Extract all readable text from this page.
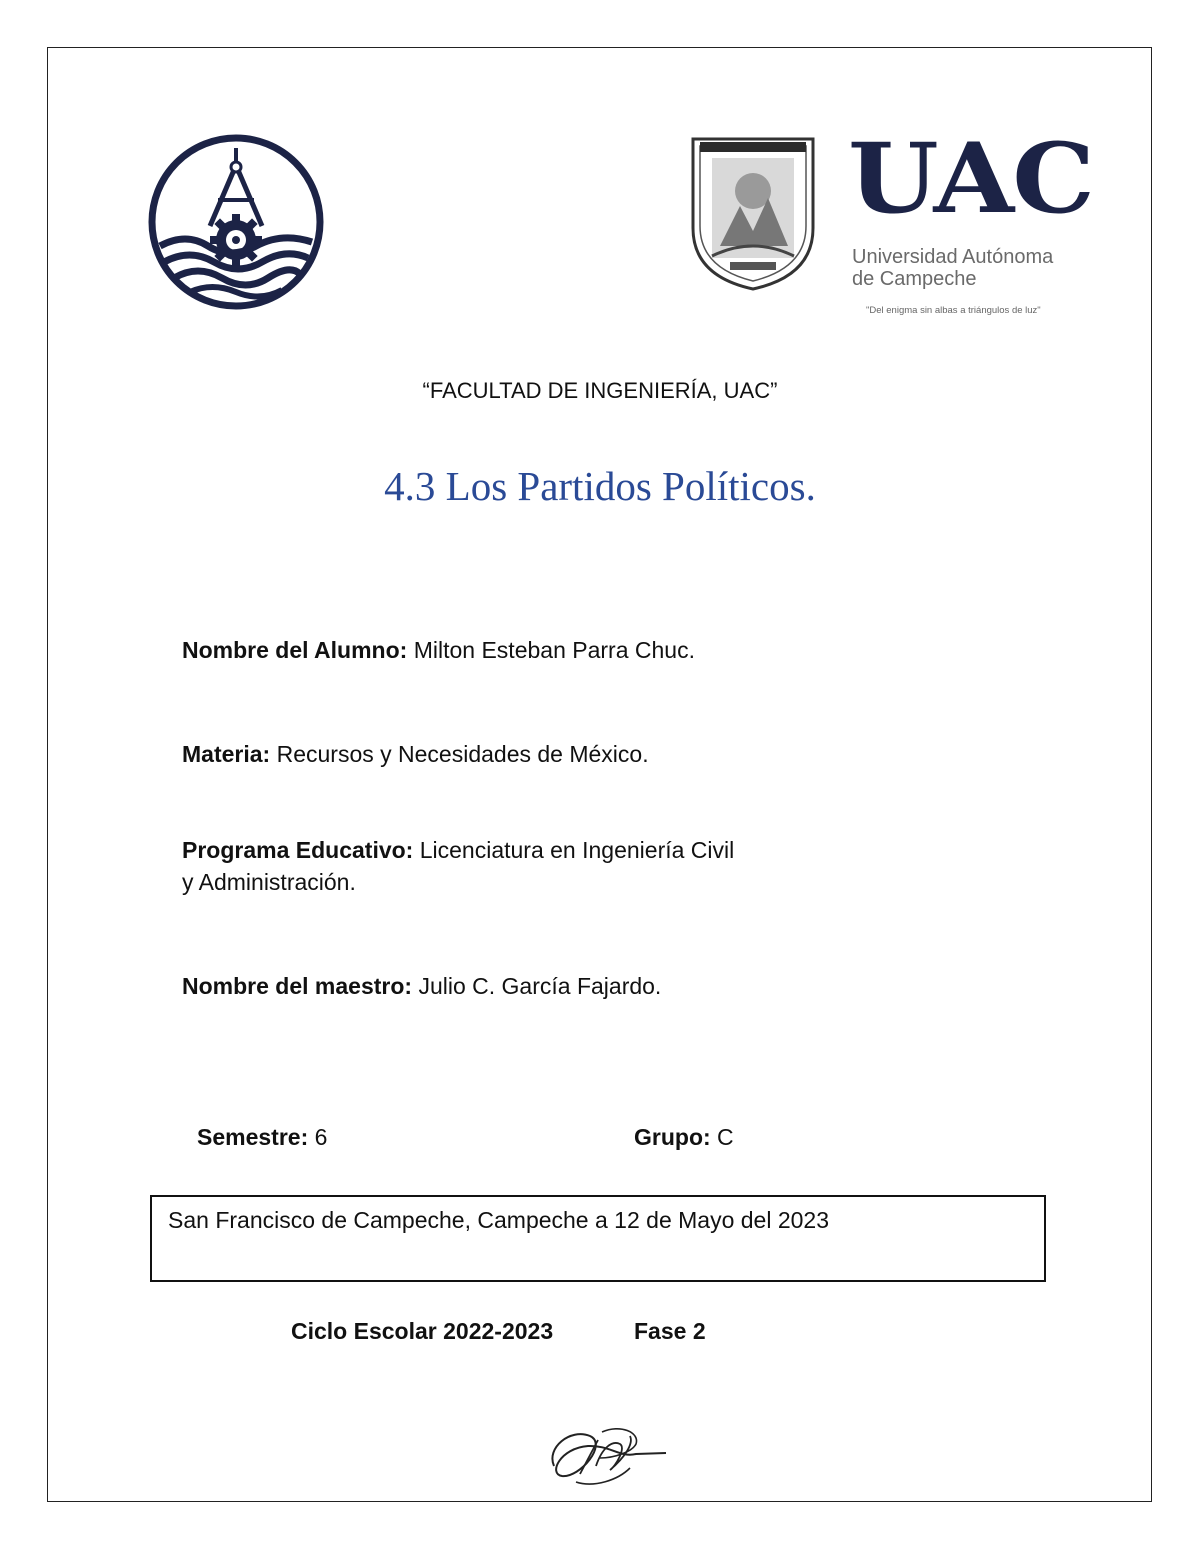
UAC
Universidad Autónoma
de Campeche
"Del enigma sin albas a triángulos de luz"
“FACULTAD DE INGENIERÍA, UAC”
4.3 Los Partidos Políticos.
Nombre del Alumno: Milton Esteban Parra Chuc.
Materia: Recursos y Necesidades de México.
Programa Educativo: Licenciatura en Ingeniería Civil
y Administración.
Nombre del maestro: Julio C. García Fajardo.
Semestre: 6	Grupo: C
San Francisco de Campeche, Campeche a 12 de Mayo del 2023
Ciclo Escolar 2022-2023	Fase 2
